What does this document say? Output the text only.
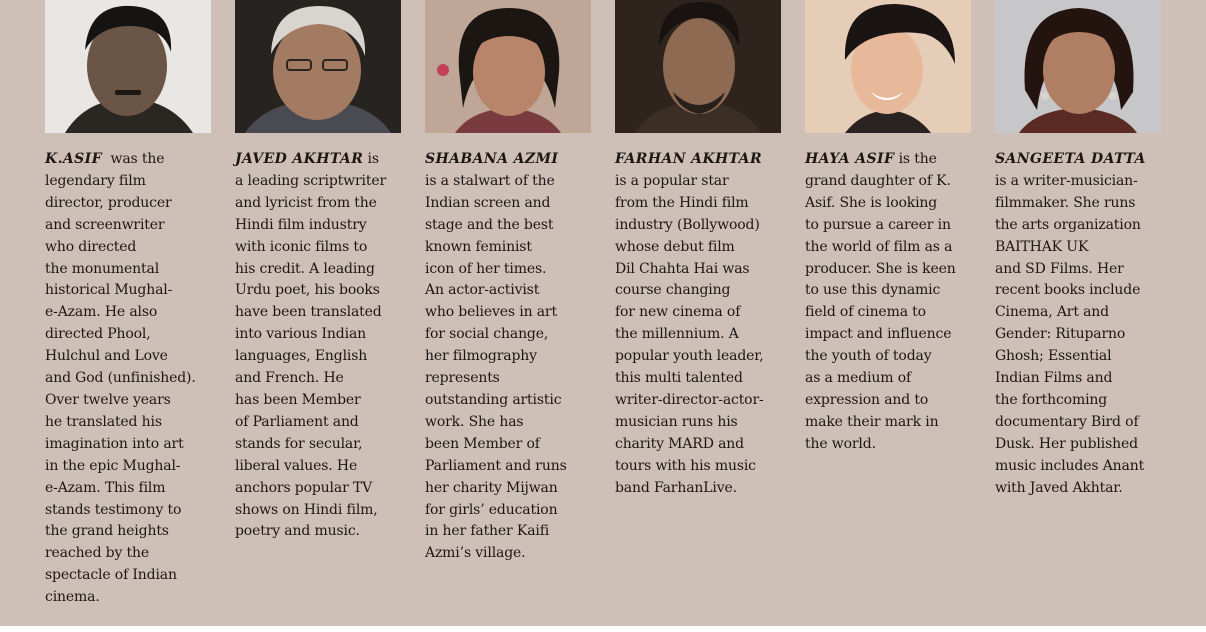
K.ASIF  was the
legendary film
director, producer
and screenwriter
who directed
the monumental
historical Mughal-
e-Azam. He also
directed Phool,
Hulchul and Love
and God (unfinished).
Over twelve years
he translated his
imagination into art
in the epic Mughal-
e-Azam. This film
stands testimony to
the grand heights
reached by the
spectacle of Indian
cinema.
JAVED AKHTAR is
a leading scriptwriter
and lyricist from the
Hindi film industry
with iconic films to
his credit. A leading
Urdu poet, his books
have been translated
into various Indian
languages, English
and French. He
has been Member
of Parliament and
stands for secular,
liberal values. He
anchors popular TV
shows on Hindi film,
poetry and music.
SHABANA AZMI
is a stalwart of the
Indian screen and
stage and the best
known feminist
icon of her times.
An actor-activist
who believes in art
for social change,
her filmography
represents
outstanding artistic
work. She has
been Member of
Parliament and runs
her charity Mijwan
for girls’ education
in her father Kaifi
Azmi’s village.
FARHAN AKHTAR
is a popular star
from the Hindi film
industry (Bollywood)
whose debut film
Dil Chahta Hai was
course changing
for new cinema of
the millennium. A
popular youth leader,
this multi talented
writer-director-actor-
musician runs his
charity MARD and
tours with his music
band FarhanLive.
HAYA ASIF is the
grand daughter of K.
Asif. She is looking
to pursue a career in
the world of film as a
producer. She is keen
to use this dynamic
field of cinema to
impact and influence
the youth of today
as a medium of
expression and to
make their mark in
the world.
SANGEETA DATTA
is a writer-musician-
filmmaker. She runs
the arts organization
BAITHAK UK
and SD Films. Her
recent books include
Cinema, Art and
Gender: Rituparno
Ghosh; Essential
Indian Films and
the forthcoming
documentary Bird of
Dusk. Her published
music includes Anant
with Javed Akhtar.
